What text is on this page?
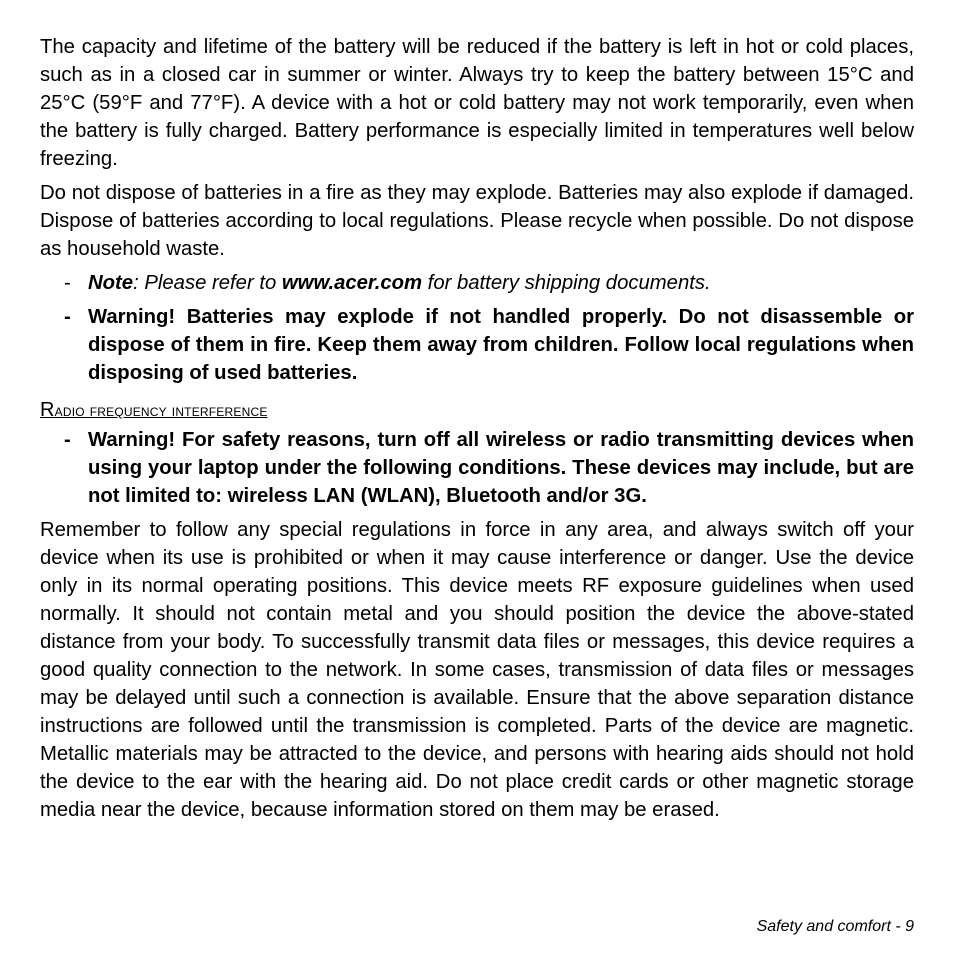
The capacity and lifetime of the battery will be reduced if the battery is left in hot or cold places, such as in a closed car in summer or winter. Always try to keep the battery between 15°C and 25°C (59°F and 77°F). A device with a hot or cold battery may not work temporarily, even when the battery is fully charged. Battery performance is especially limited in temperatures well below freezing.

Do not dispose of batteries in a fire as they may explode. Batteries may also explode if damaged. Dispose of batteries according to local regulations. Please recycle when possible. Do not dispose as household waste.

- Note: Please refer to www.acer.com for battery shipping documents.
- Warning! Batteries may explode if not handled properly. Do not disassemble or dispose of them in fire. Keep them away from children. Follow local regulations when disposing of used batteries.
Radio frequency interference
- Warning! For safety reasons, turn off all wireless or radio transmitting devices when using your laptop under the following conditions. These devices may include, but are not limited to: wireless LAN (WLAN), Bluetooth and/or 3G.

Remember to follow any special regulations in force in any area, and always switch off your device when its use is prohibited or when it may cause interference or danger. Use the device only in its normal operating positions. This device meets RF exposure guidelines when used normally. It should not contain metal and you should position the device the above-stated distance from your body. To successfully transmit data files or messages, this device requires a good quality connection to the network. In some cases, transmission of data files or messages may be delayed until such a connection is available. Ensure that the above separation distance instructions are followed until the transmission is completed. Parts of the device are magnetic. Metallic materials may be attracted to the device, and persons with hearing aids should not hold the device to the ear with the hearing aid. Do not place credit cards or other magnetic storage media near the device, because information stored on them may be erased.

Safety and comfort - 9
